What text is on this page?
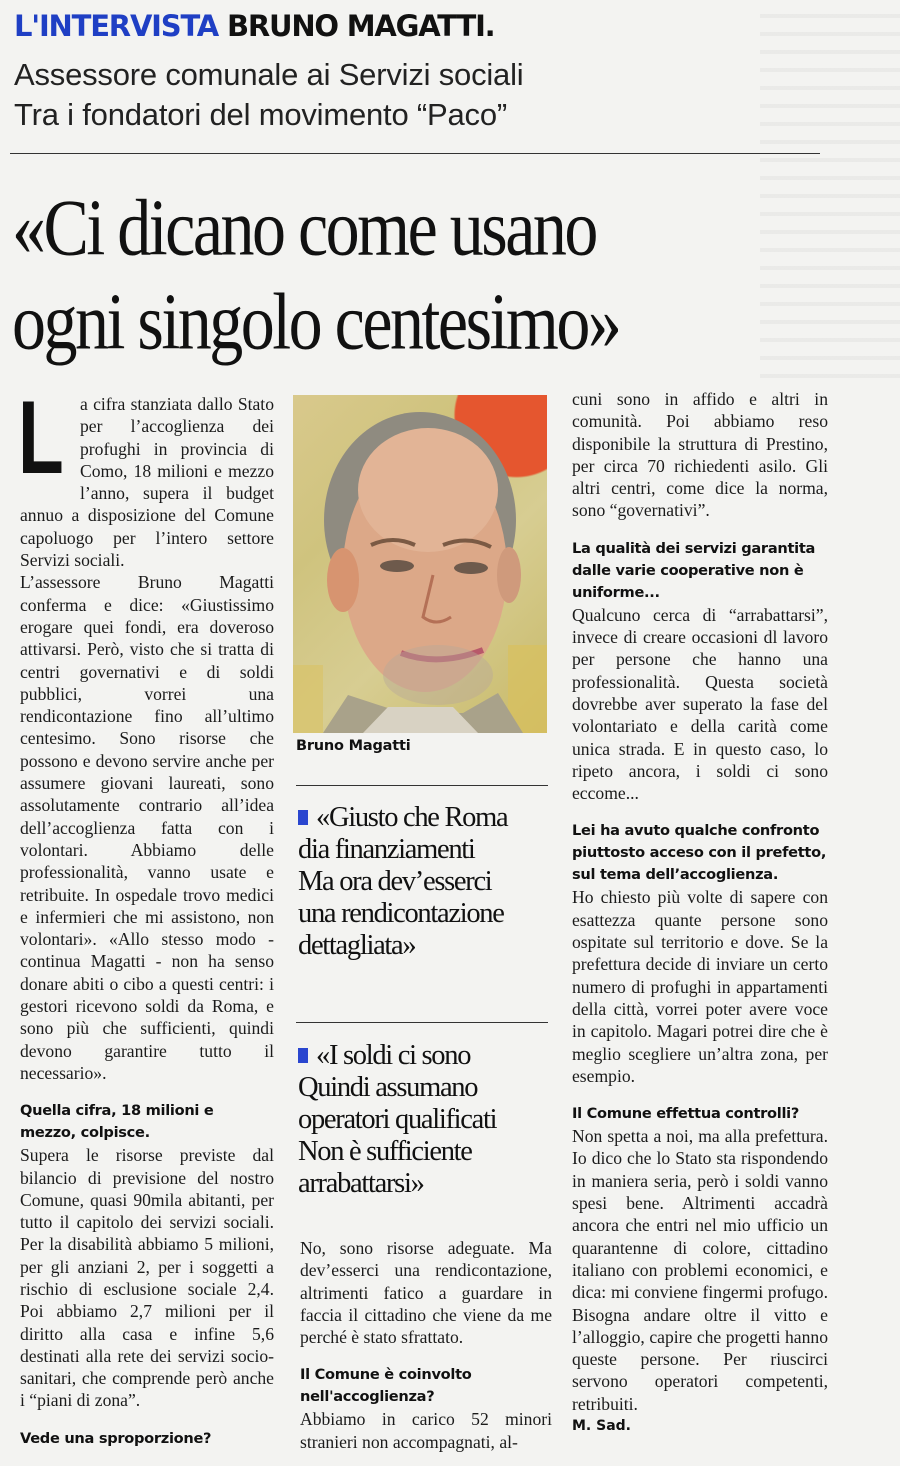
L'INTERVISTA BRUNO MAGATTI.
Assessore comunale ai Servizi sociali
Tra i fondatori del movimento “Paco”
«Ci dicano come usano
ogni singolo centesimo»
L a cifra stanziata dallo Stato per l’accoglienza dei profughi in provincia di Como, 18 milioni e mezzo l’anno, supera il budget annuo a disposizione del Comune capoluogo per l’intero settore Servizi sociali.

L’assessore Bruno Magatti conferma e dice: «Giustissimo erogare quei fondi, era doveroso attivarsi. Però, visto che si tratta di centri governativi e di soldi pubblici, vorrei una rendicontazione fino all’ultimo centesimo. Sono risorse che possono e devono servire anche per assumere giovani laureati, sono assolutamente contrario all’idea dell’accoglienza fatta con i volontari. Abbiamo delle professionalità, vanno usate e retribuite. In ospedale trovo medici e infermieri che mi assistono, non volontari». «Allo stesso modo - continua Magatti - non ha senso donare abiti o cibo a questi centri: i gestori ricevono soldi da Roma, e sono più che sufficienti, quindi devono garantire tutto il necessario».

Quella cifra, 18 milioni e mezzo, colpisce.

Supera le risorse previste dal bilancio di previsione del nostro Comune, quasi 90mila abitanti, per tutto il capitolo dei servizi sociali. Per la disabilità abbiamo 5 milioni, per gli anziani 2, per i soggetti a rischio di esclusione sociale 2,4. Poi abbiamo 2,7 milioni per il diritto alla casa e infine 5,6 destinati alla rete dei servizi socio-sanitari, che comprende però anche i “piani di zona”.

Vede una sproporzione?
Bruno Magatti
«Giusto che Roma
dia finanziamenti
Ma ora dev’esserci
una rendicontazione
dettagliata»
«I soldi ci sono
Quindi assumano
operatori qualificati
Non è sufficiente
arrabattarsi»

No, sono risorse adeguate. Ma dev’esserci una rendicontazione, altrimenti fatico a guardare in faccia il cittadino che viene da me perché è stato sfrattato.

Il Comune è coinvolto nell'accoglienza?

Abbiamo in carico 52 minori stranieri non accompagnati, al-

cuni sono in affido e altri in comunità. Poi abbiamo reso disponibile la struttura di Prestino, per circa 70 richiedenti asilo. Gli altri centri, come dice la norma, sono “governativi”.

La qualità dei servizi garantita dalle varie cooperative non è uniforme...

Qualcuno cerca di “arrabattarsi”, invece di creare occasioni dl lavoro per persone che hanno una professionalità. Questa società dovrebbe aver superato la fase del volontariato e della carità come unica strada. E in questo caso, lo ripeto ancora, i soldi ci sono eccome...

Lei ha avuto qualche confronto piuttosto acceso con il prefetto, sul tema dell’accoglienza.

Ho chiesto più volte di sapere con esattezza quante persone sono ospitate sul territorio e dove. Se la prefettura decide di inviare un certo numero di profughi in appartamenti della città, vorrei poter avere voce in capitolo. Magari potrei dire che è meglio scegliere un’altra zona, per esempio.

Il Comune effettua controlli?

Non spetta a noi, ma alla prefettura. Io dico che lo Stato sta rispondendo in maniera seria, però i soldi vanno spesi bene. Altrimenti accadrà ancora che entri nel mio ufficio un quarantenne di colore, cittadino italiano con problemi economici, e dica: mi conviene fingermi profugo. Bisogna andare oltre il vitto e l’alloggio, capire che progetti hanno queste persone. Per riuscirci servono operatori competenti, retribuiti.

M. Sad.
